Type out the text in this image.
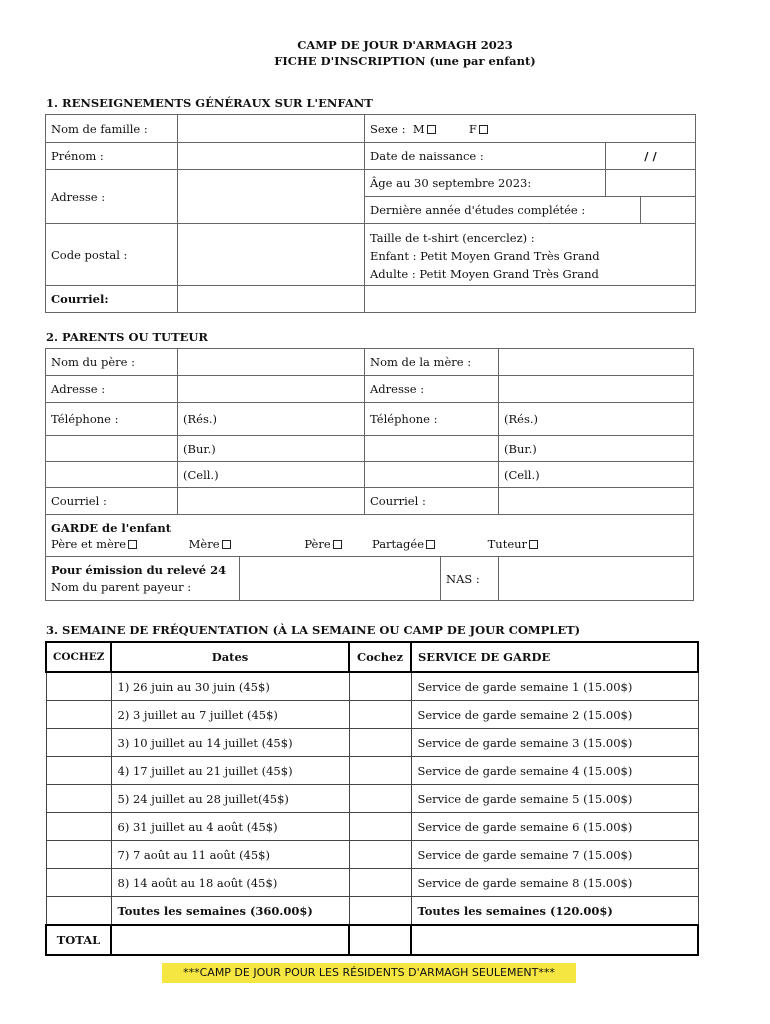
CAMP DE JOUR D'ARMAGH 2023
FICHE D'INSCRIPTION (une par enfant)
1. RENSEIGNEMENTS GÉNÉRAUX SUR L'ENFANT
Nom de famille :		Sexe : M F		
Prénom :		Date de naissance :	/ /	
Adresse :		Âge au 30 septembre 2023:		
		Dernière année d'études complétée :		
Code postal :		Taille de t-shirt (encerclez) :
Enfant : Petit Moyen Grand Très Grand
Adulte : Petit Moyen Grand Très Grand		

Courriel:				
2. PARENTS OU TUTEUR
Nom du père :			Nom de la mère :		
Adresse :			Adresse :		
Téléphone :	(Rés.)		Téléphone :		(Rés.)
	(Bur.)				(Bur.)
	(Cell.)				(Cell.)
Courriel :			Courriel :		

GARDE de l'enfant
Père et mère Mère Père Partagée Tuteur					

Pour émission du relevé 24
Nom du parent payeur :				NAS :	
3. SEMAINE DE FRÉQUENTATION (À LA SEMAINE OU CAMP DE JOUR COMPLET)
COCHEZ	Dates	Cochez	SERVICE DE GARDE
	1) 26 juin au 30 juin (45$)		Service de garde semaine 1 (15.00$)
	2) 3 juillet au 7 juillet (45$)		Service de garde semaine 2 (15.00$)
	3) 10 juillet au 14 juillet (45$)		Service de garde semaine 3 (15.00$)
	4) 17 juillet au 21 juillet (45$)		Service de garde semaine 4 (15.00$)
	5) 24 juillet au 28 juillet(45$)		Service de garde semaine 5 (15.00$)
	6) 31 juillet au 4 août (45$)		Service de garde semaine 6 (15.00$)
	7) 7 août au 11 août (45$)		Service de garde semaine 7 (15.00$)
	8) 14 août au 18 août (45$)		Service de garde semaine 8 (15.00$)
	Toutes les semaines (360.00$)		Toutes les semaines (120.00$)
TOTAL			
***CAMP DE JOUR POUR LES RÉSIDENTS D'ARMAGH SEULEMENT***
